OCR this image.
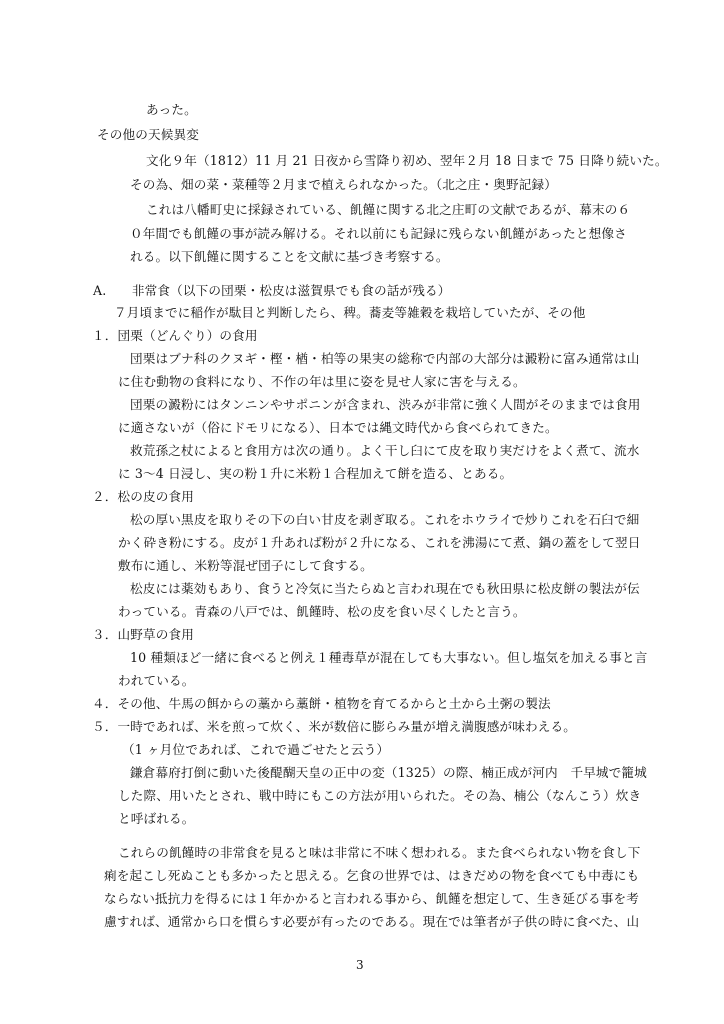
あった。
その他の天候異変
文化９年（1812）11 月 21 日夜から雪降り初め、翌年２月 18 日まで 75 日降り続いた。
その為、畑の菜・菜種等２月まで植えられなかった。（北之庄・奥野記録）
これは八幡町史に採録されている、飢饉に関する北之庄町の文献であるが、幕末の６
０年間でも飢饉の事が読み解ける。それ以前にも記録に残らない飢饉があったと想像さ
れる。以下飢饉に関することを文献に基づき考察する。
A.　　非常食（以下の団栗・松皮は滋賀県でも食の話が残る）
７月頃までに稲作が駄目と判断したら、稗。蕎麦等雑穀を栽培していたが、その他
１．団栗（どんぐり）の食用
団栗はブナ科のクヌギ・樫・楢・柏等の果実の総称で内部の大部分は澱粉に富み通常は山
に住む動物の食料になり、不作の年は里に姿を見せ人家に害を与える。
団栗の澱粉にはタンニンやサポニンが含まれ、渋みが非常に強く人間がそのままでは食用
に適さないが（俗にドモリになる）、日本では縄文時代から食べられてきた。
救荒孫之杖によると食用方は次の通り。よく干し臼にて皮を取り実だけをよく煮て、流水
に 3～4 日浸し、実の粉１升に米粉１合程加えて餅を造る、とある。
２．松の皮の食用
松の厚い黒皮を取りその下の白い甘皮を剥ぎ取る。これをホウライで炒りこれを石臼で細
かく砕き粉にする。皮が１升あれば粉が２升になる、これを沸湯にて煮、鍋の蓋をして翌日
敷布に通し、米粉等混ぜ団子にして食する。
松皮には薬効もあり、食うと冷気に当たらぬと言われ現在でも秋田県に松皮餅の製法が伝
わっている。青森の八戸では、飢饉時、松の皮を食い尽くしたと言う。
３．山野草の食用
10 種類ほど一緒に食べると例え１種毒草が混在しても大事ない。但し塩気を加える事と言
われている。
４．その他、牛馬の餌からの藁から藁餅・植物を育てるからと土から土粥の製法
５．一時であれば、米を煎って炊く、米が数倍に膨らみ量が増え満腹感が味わえる。
（1 ヶ月位であれば、これで過ごせたと云う）
鎌倉幕府打倒に動いた後醍醐天皇の正中の変（1325）の際、楠正成が河内　千早城で籠城
した際、用いたとされ、戦中時にもこの方法が用いられた。その為、楠公（なんこう）炊き
と呼ばれる。
これらの飢饉時の非常食を見ると味は非常に不味く想われる。また食べられない物を食し下
痢を起こし死ぬことも多かったと思える。乞食の世界では、はきだめの物を食べても中毒にも
ならない抵抗力を得るには１年かかると言われる事から、飢饉を想定して、生き延びる事を考
慮すれば、通常から口を慣らす必要が有ったのである。現在では筆者が子供の時に食べた、山
3
